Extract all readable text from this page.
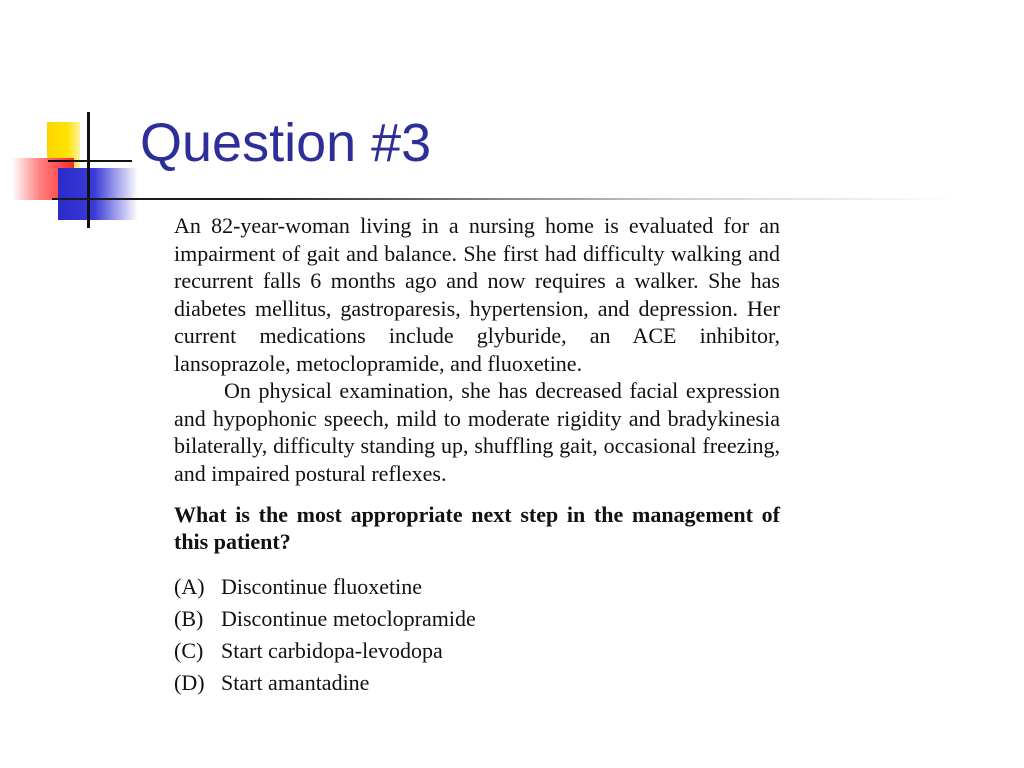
Question #3

An 82-year-woman living in a nursing home is evaluated for an impairment of gait and balance. She first had difficulty walking and recurrent falls 6 months ago and now requires a walker. She has diabetes mellitus, gastroparesis, hypertension, and depression. Her current medications include glyburide, an ACE inhibitor, lansoprazole, metoclopramide, and fluoxetine.

On physical examination, she has decreased facial expression and hypophonic speech, mild to moderate rigidity and bradykinesia bilaterally, difficulty standing up, shuffling gait, occasional freezing, and impaired postural reflexes.

What is the most appropriate next step in the management of this patient?

(A) Discontinue fluoxetine
(B) Discontinue metoclopramide
(C) Start carbidopa-levodopa
(D) Start amantadine
